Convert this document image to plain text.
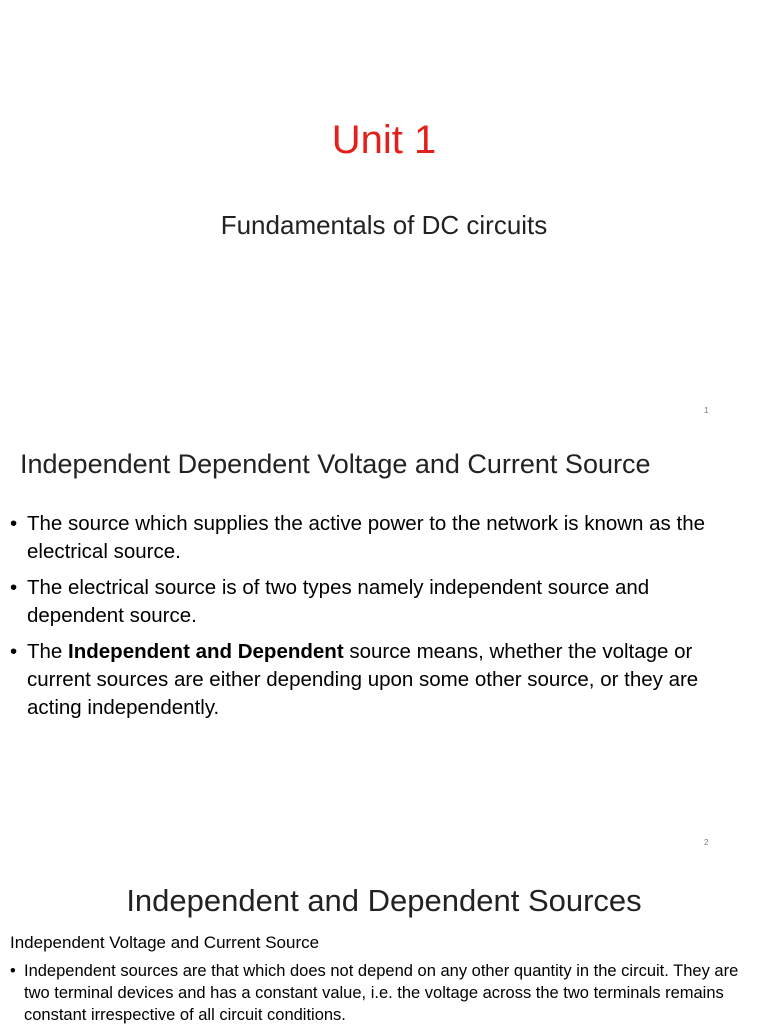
Unit 1
Fundamentals of DC circuits
1
Independent Dependent Voltage and Current Source
• The source which supplies the active power to the network is known as the electrical source.
• The electrical source is of two types namely independent source and dependent source.
• The Independent and Dependent source means, whether the voltage or current sources are either depending upon some other source, or they are acting independently.
2
Independent and Dependent Sources
Independent Voltage and Current Source
• Independent sources are that which does not depend on any other quantity in the circuit. They are two terminal devices and has a constant value, i.e. the voltage across the two terminals remains constant irrespective of all circuit conditions.
